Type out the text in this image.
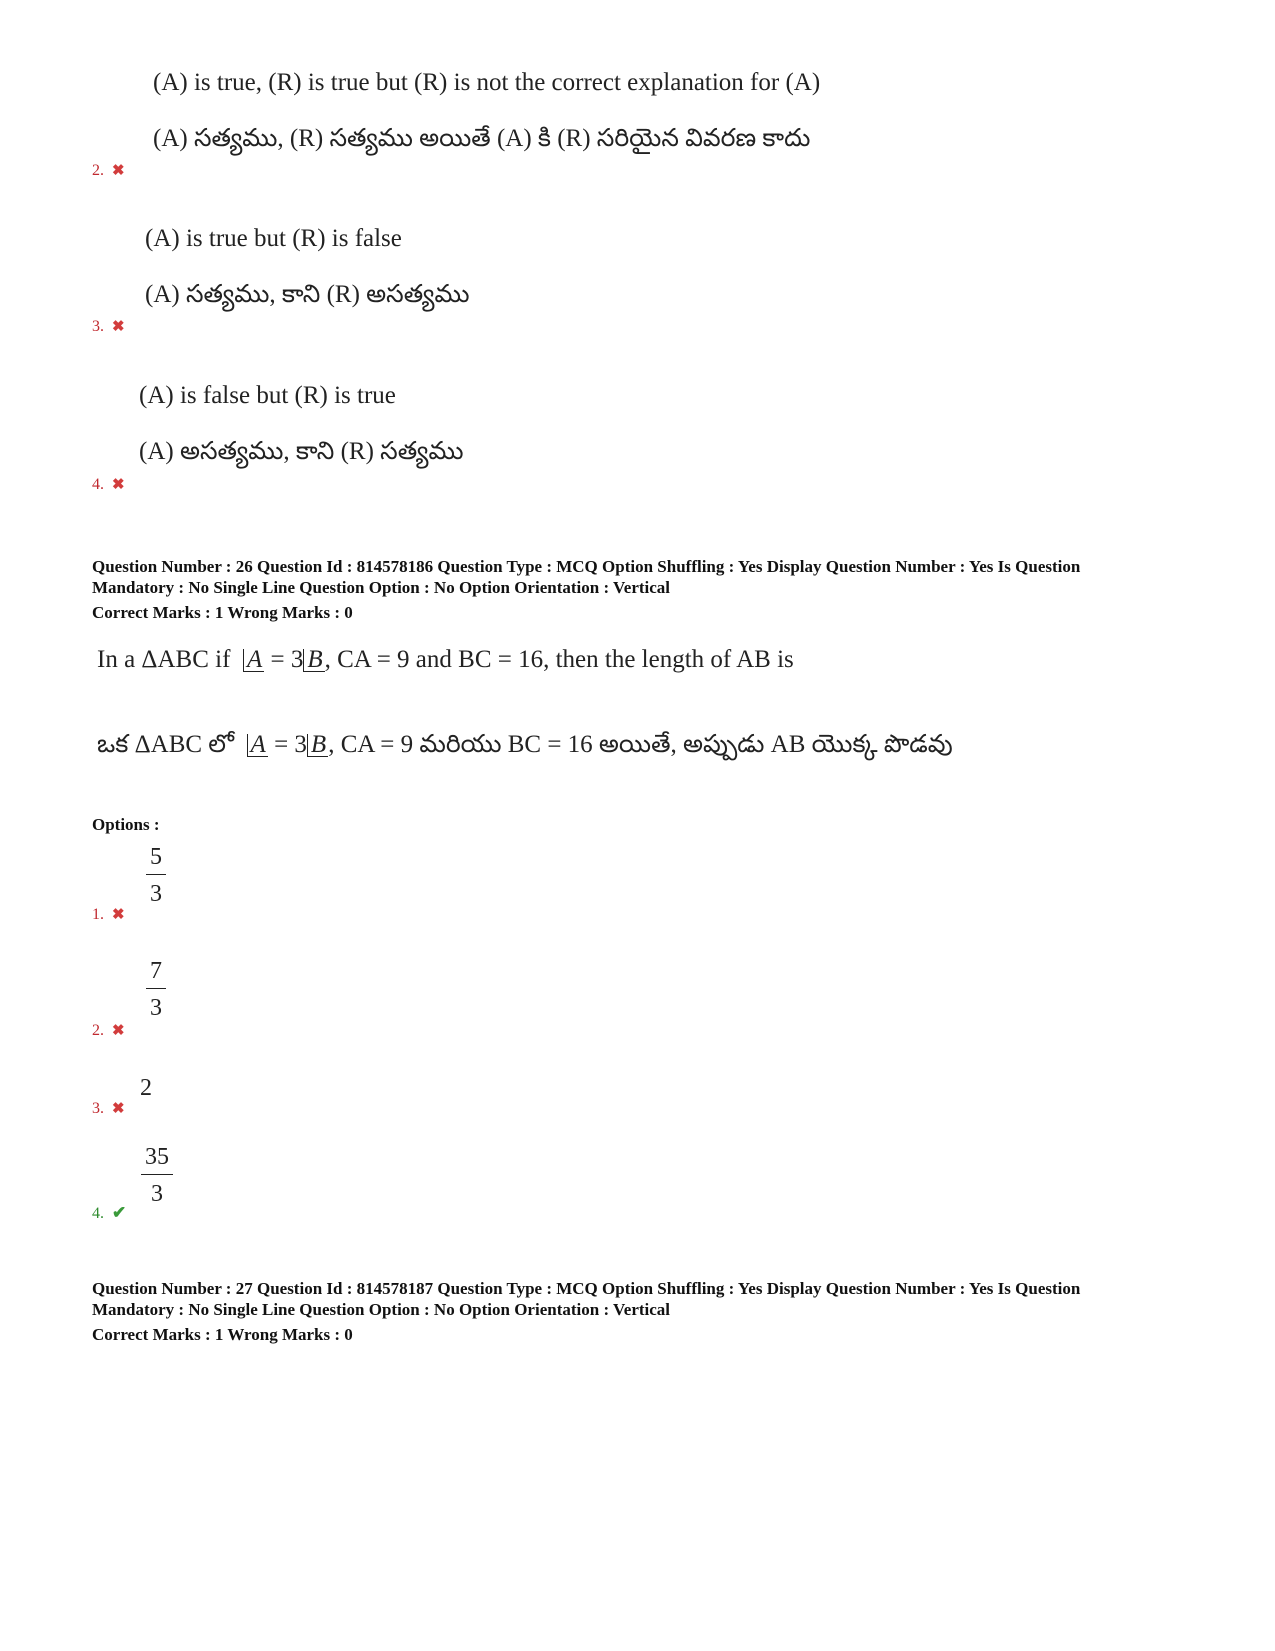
(A) is true, (R) is true but (R) is not the correct explanation for (A)
(A) సత్యము, (R) సత్యము అయితే (A) కి (R) సరియైన వివరణ కాదు
2. ✖
(A) is true but (R) is false
(A) సత్యము, కాని (R) అసత్యము
3. ✖
(A) is false but (R) is true
(A) అసత్యము, కాని (R) సత్యము
4. ✖
Question Number : 26 Question Id : 814578186 Question Type : MCQ Option Shuffling : Yes Display Question Number : Yes Is Question
Mandatory : No Single Line Question Option : No Option Orientation : Vertical
Correct Marks : 1 Wrong Marks : 0
In a ΔABC if A = 3 B, CA = 9 and BC = 16, then the length of AB is
ఒక ΔABC లో A = 3 B, CA = 9 మరియు BC = 16 అయితే, అప్పుడు AB యొక్క పొడవు
Options :
5
3
1. ✖
7
3
2. ✖
2
3. ✖
35
3
4. ✔
Question Number : 27 Question Id : 814578187 Question Type : MCQ Option Shuffling : Yes Display Question Number : Yes Is Question
Mandatory : No Single Line Question Option : No Option Orientation : Vertical
Correct Marks : 1 Wrong Marks : 0
